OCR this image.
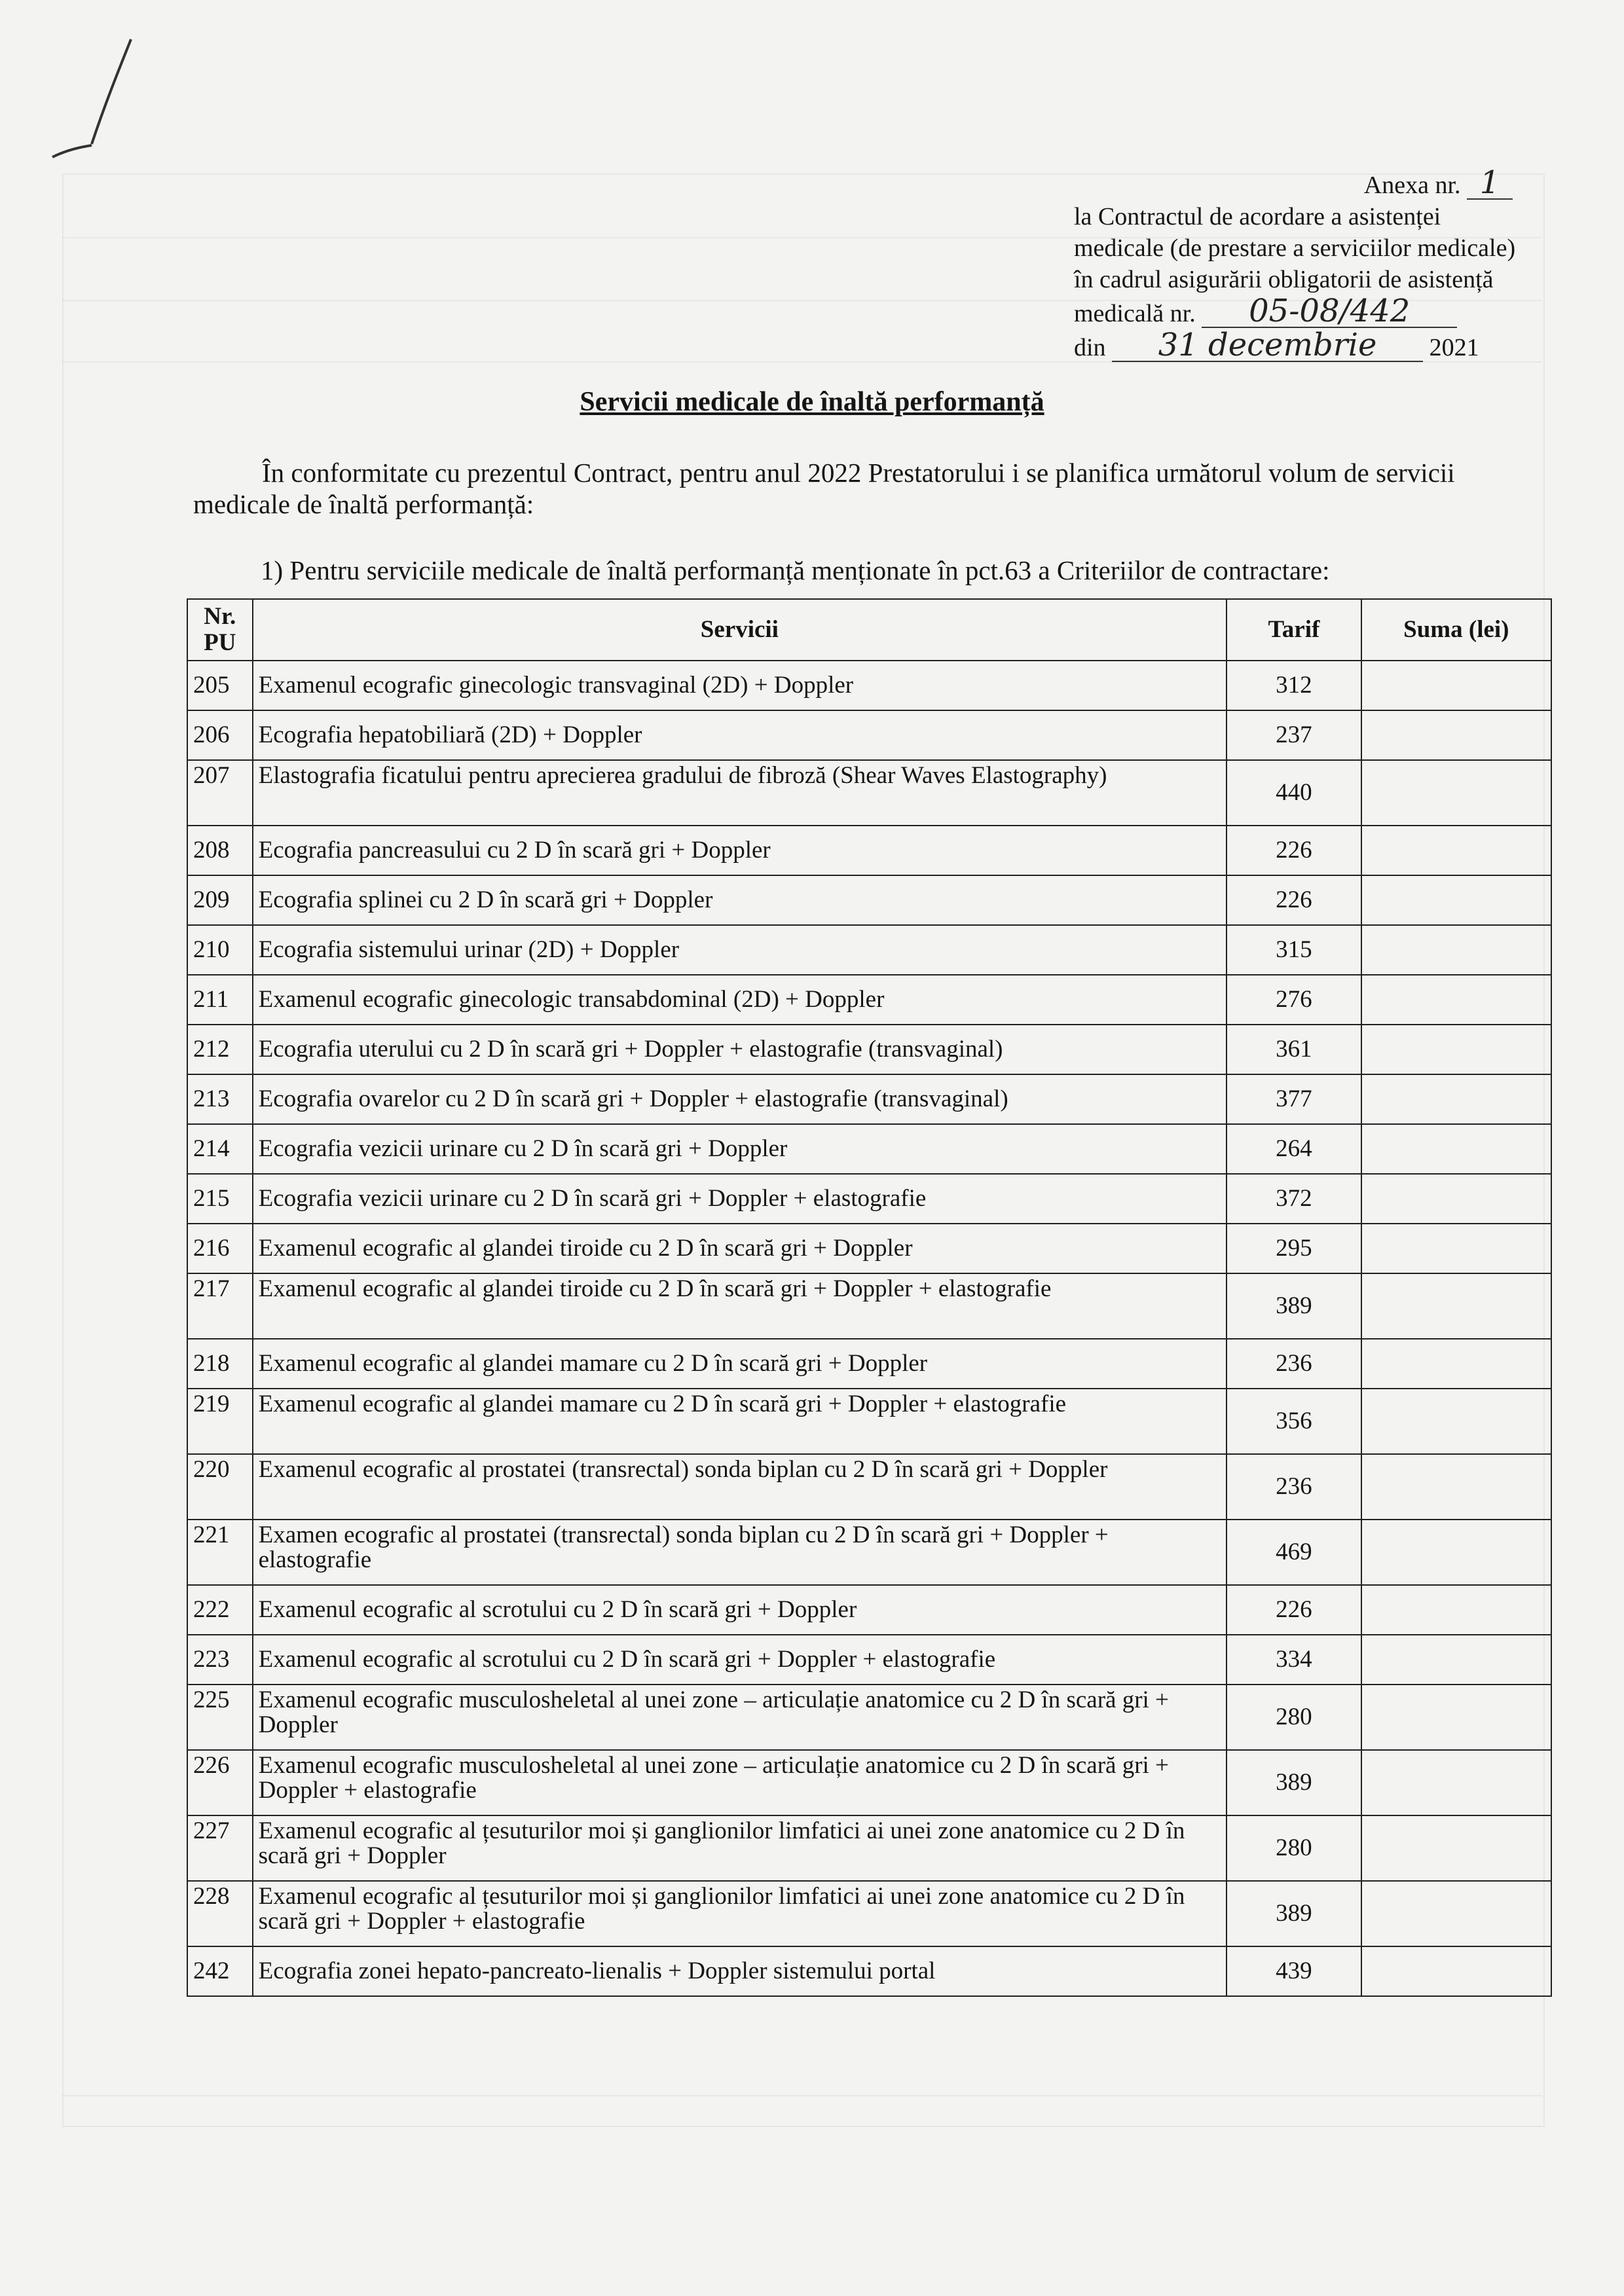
Anexa nr. 1
la Contractul de acordare a asistenței
medicale (de prestare a serviciilor medicale)
în cadrul asigurării obligatorii de asistență
medicală nr. 05-08/442
din 31 decembrie 2021
Servicii medicale de înaltă performanță
În conformitate cu prezentul Contract, pentru anul 2022 Prestatorului i se planifica următorul volum de servicii medicale de înaltă performanță:
1) Pentru serviciile medicale de înaltă performanță menționate în pct.63 a Criteriilor de contractare:
Nr. PU	Servicii	Tarif	Suma (lei)
205	Examenul ecografic ginecologic transvaginal (2D) + Doppler	312	
206	Ecografia hepatobiliară (2D) + Doppler	237	
207	Elastografia ficatului pentru aprecierea gradului de fibroză (Shear Waves Elastography)	440	
208	Ecografia pancreasului cu 2 D în scară gri + Doppler	226	
209	Ecografia splinei cu 2 D în scară gri + Doppler	226	
210	Ecografia sistemului urinar (2D) + Doppler	315	
211	Examenul ecografic ginecologic transabdominal (2D) + Doppler	276	
212	Ecografia uterului cu 2 D în scară gri + Doppler + elastografie (transvaginal)	361	
213	Ecografia ovarelor cu 2 D în scară gri + Doppler + elastografie (transvaginal)	377	
214	Ecografia vezicii urinare cu 2 D în scară gri + Doppler	264	
215	Ecografia vezicii urinare cu 2 D în scară gri + Doppler + elastografie	372	
216	Examenul ecografic al glandei tiroide cu 2 D în scară gri + Doppler	295	
217	Examenul ecografic al glandei tiroide cu 2 D în scară gri + Doppler + elastografie	389	
218	Examenul ecografic al glandei mamare cu 2 D în scară gri + Doppler	236	
219	Examenul ecografic al glandei mamare cu 2 D în scară gri + Doppler + elastografie	356	
220	Examenul ecografic al prostatei (transrectal) sonda biplan cu 2 D în scară gri + Doppler	236	
221	Examen ecografic al prostatei (transrectal) sonda biplan cu 2 D în scară gri + Doppler + elastografie	469	
222	Examenul ecografic al scrotului cu 2 D în scară gri + Doppler	226	
223	Examenul ecografic al scrotului cu 2 D în scară gri + Doppler + elastografie	334	
225	Examenul ecografic musculosheletal al unei zone – articulație anatomice cu 2 D în scară gri + Doppler	280	
226	Examenul ecografic musculosheletal al unei zone – articulație anatomice cu 2 D în scară gri + Doppler + elastografie	389	
227	Examenul ecografic al țesuturilor moi și ganglionilor limfatici ai unei zone anatomice cu 2 D în scară gri + Doppler	280	
228	Examenul ecografic al țesuturilor moi și ganglionilor limfatici ai unei zone anatomice cu 2 D în scară gri + Doppler + elastografie	389	
242	Ecografia zonei hepato-pancreato-lienalis + Doppler sistemului portal	439	
